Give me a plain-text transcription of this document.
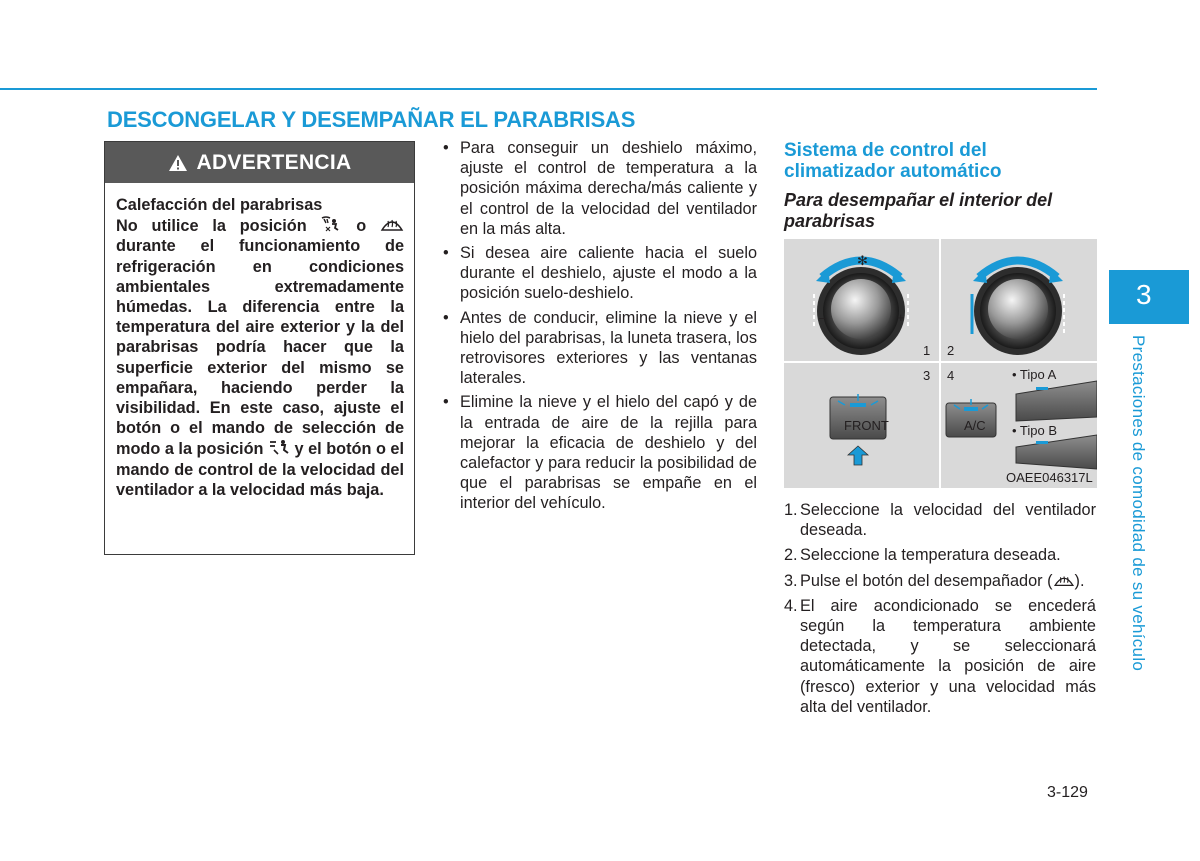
DESCONGELAR Y DESEMPAÑAR EL PARABRISAS
ADVERTENCIA

Calefacción del parabrisas

No utilice la posición	o  durante el funcionamiento de refrigeración en condiciones ambientales extremadamente húmedas. La diferencia entre la temperatura del aire exterior y la del parabrisas podría hacer que la superficie exterior del mismo se empañara, haciendo perder la visibilidad. En este caso, ajuste el botón o el mando de selección de modo a la posición y el botón o el mando de control de la velocidad del ventilador a la velocidad más baja.

• Para conseguir un deshielo máximo, ajuste el control de temperatura a la posición máxima derecha/más caliente y el control de la velocidad del ventilador en la más alta.
• Si desea aire caliente hacia el suelo durante el deshielo, ajuste el modo a la posición suelo-deshielo.
• Antes de conducir, elimine la nieve y el hielo del parabrisas, la luneta trasera, los retrovisores exteriores y las ventanas laterales.
• Elimine la nieve y el hielo del capó y de la entrada de aire de la rejilla para mejorar la eficacia de deshielo y del calefactor y para reducir la posibilidad de que el parabrisas se empañe en el interior del vehículo.
Sistema de control del climatizador automático
Para desempañar el interior del parabrisas
✻
–	+
1 2
3 4
FRONT	A/C
• Tipo A
• Tipo B
OAEE046317L
1. Seleccione la velocidad del ventilador deseada.
2. Seleccione la temperatura deseada.
3. Pulse el botón del desempañador ( ).
4. El aire acondicionado se encederá según la temperatura ambiente detectada, y se seleccionará automáticamente la posición de aire (fresco) exterior y una velocidad más alta del ventilador.
3-129
3
Prestaciones de comodidad de su vehículo
